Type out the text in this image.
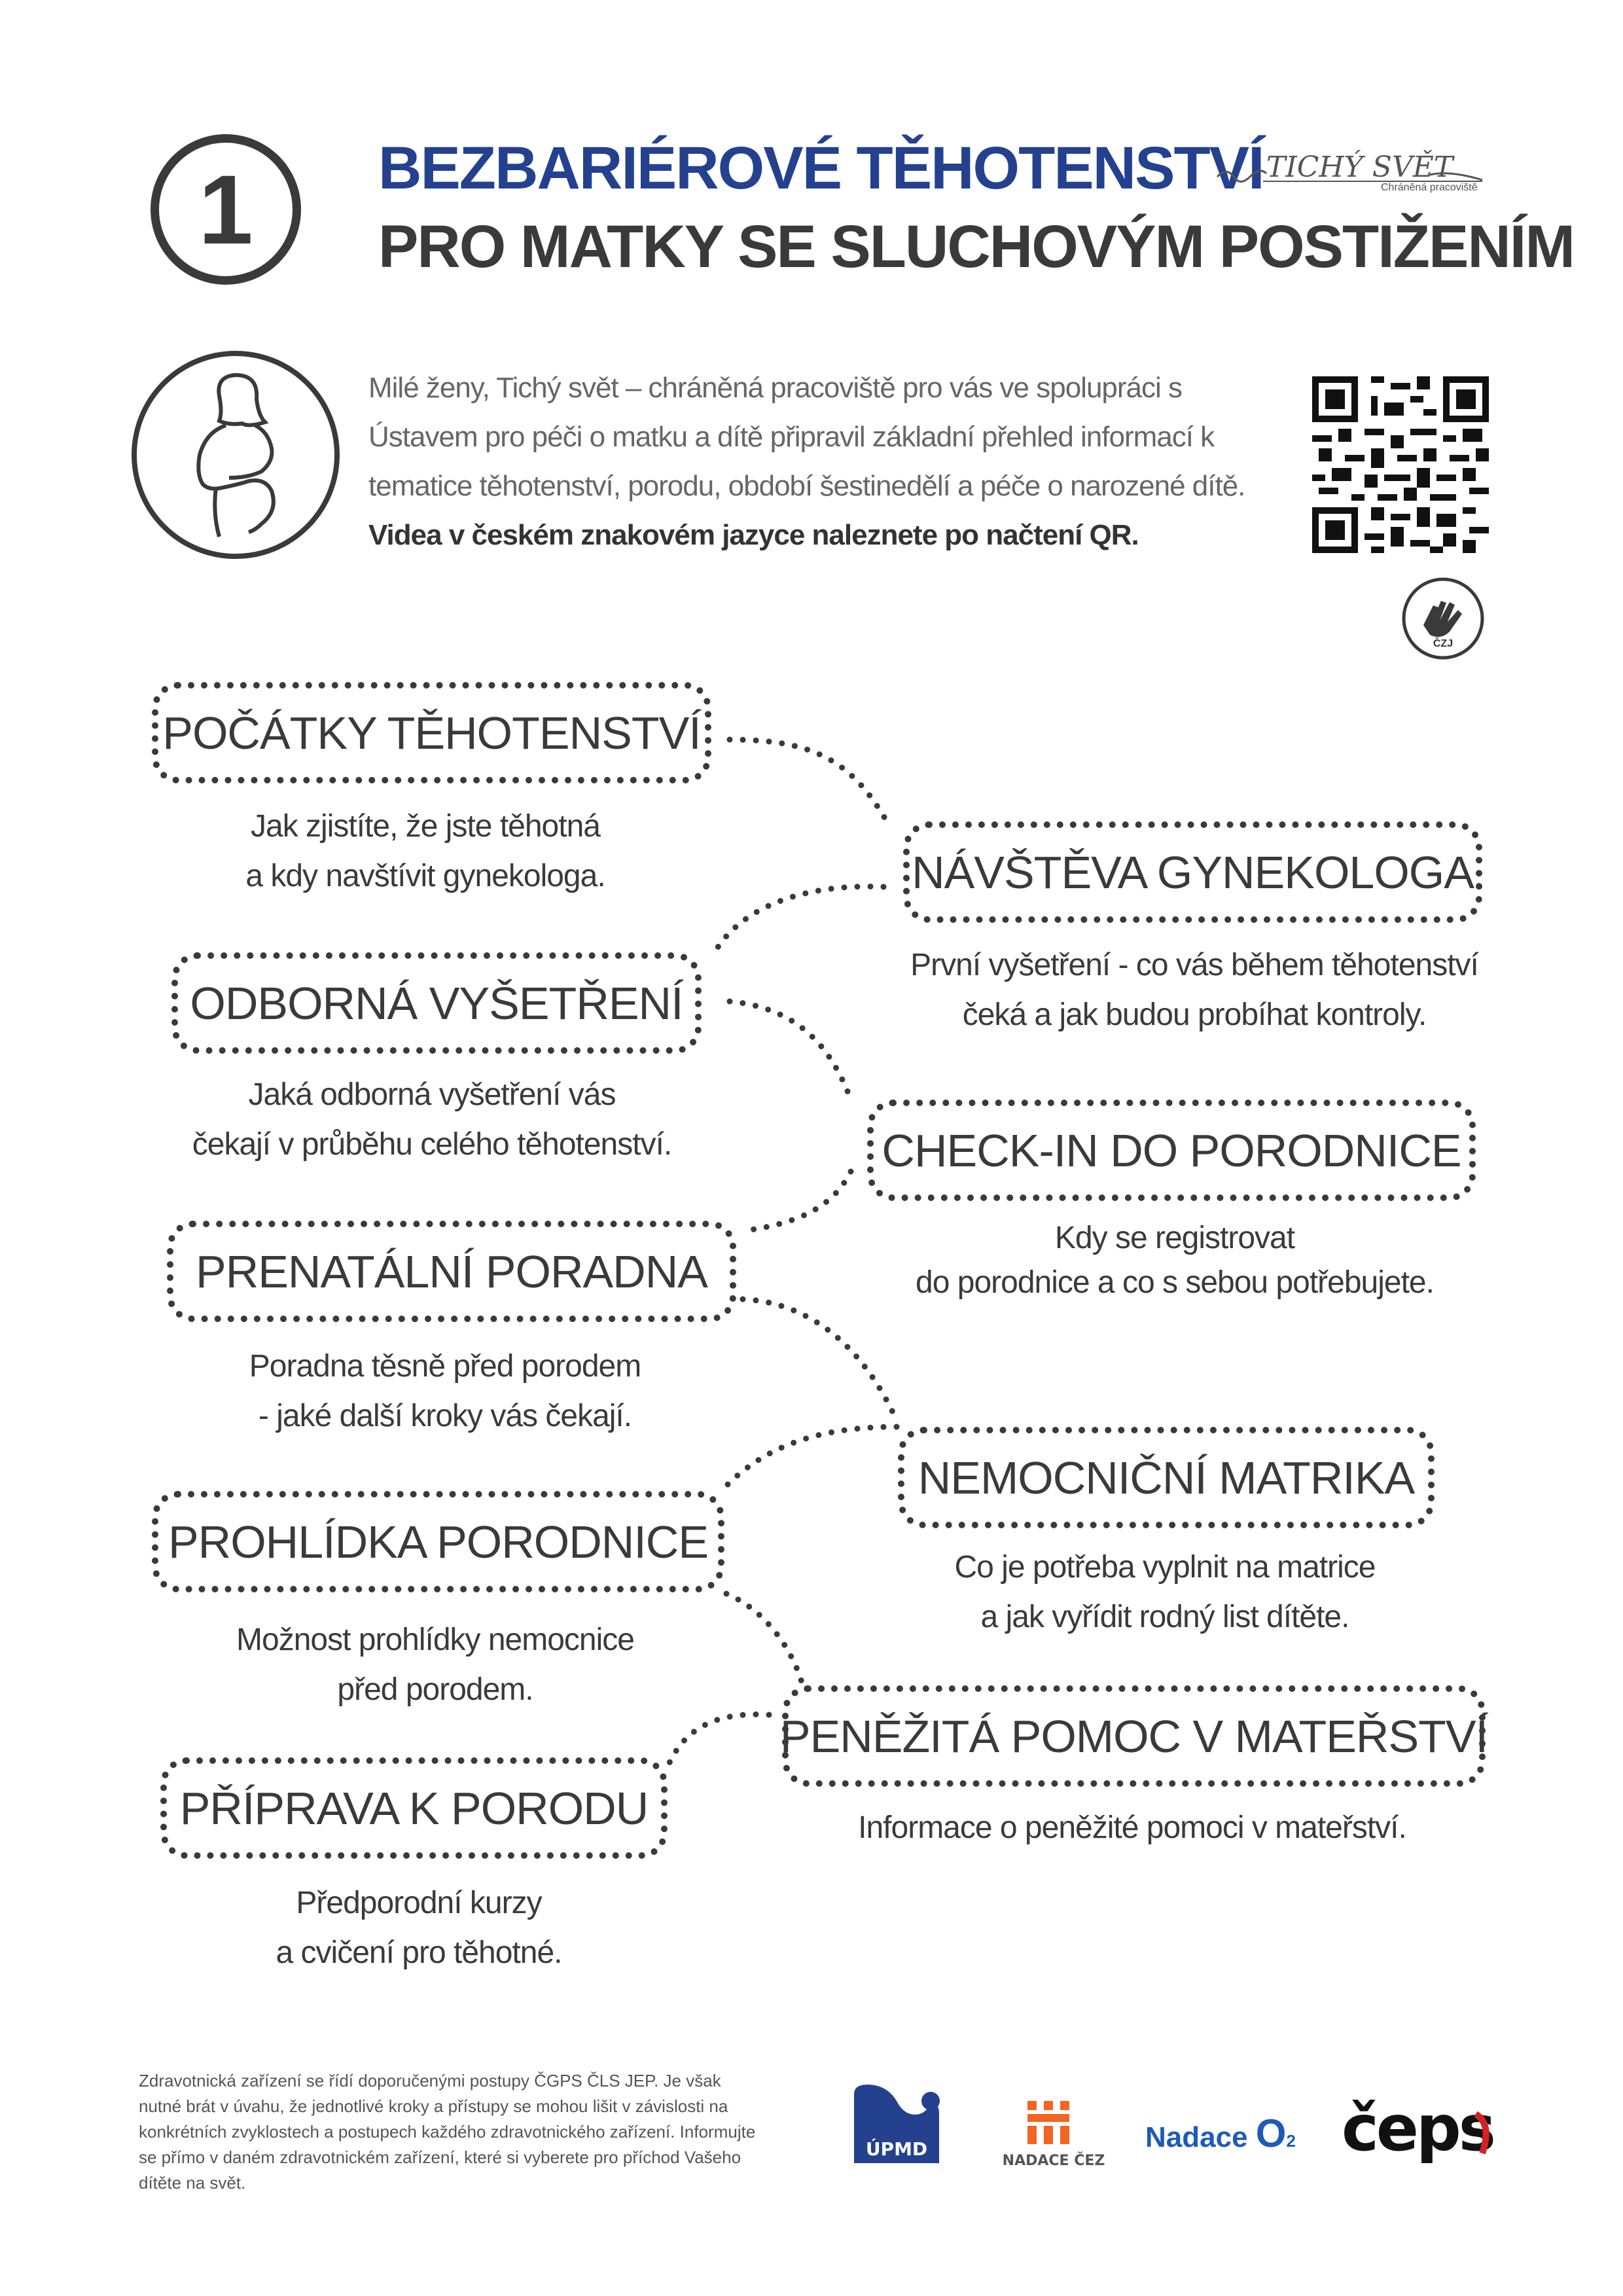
1 BEZBARIÉROVÉ TĚHOTENSTVÍ
PRO MATKY SE SLUCHOVÝM POSTIŽENÍM
TICHÝ SVĚT
Chráněná pracoviště
Milé ženy, Tichý svět – chráněná pracoviště pro vás ve spolupráci s Ústavem pro péči o matku a dítě připravil základní přehled informací k tematice těhotenství, porodu, období šestinedělí a péče o narozené dítě. Videa v českém znakovém jazyce naleznete po načtení QR.
ČZJ
POČÁTKY TĚHOTENSTVÍ
Jak zjistíte, že jste těhotná
a kdy navštívit gynekologa.	NÁVŠTĚVA GYNEKOLOGA
První vyšetření - co vás během těhotenství
čeká a jak budou probíhat kontroly.
ODBORNÁ VYŠETŘENÍ
Jaká odborná vyšetření vás
čekají v průběhu celého těhotenství.	CHECK-IN DO PORODNICE
Kdy se registrovat
do porodnice a co s sebou potřebujete.
PRENATÁLNÍ PORADNA
Poradna těsně před porodem
- jaké další kroky vás čekají.
NEMOCNIČNÍ MATRIKA
Co je potřeba vyplnit na matrice
a jak vyřídit rodný list dítěte.
PROHLÍDKA PORODNICE
Možnost prohlídky nemocnice
před porodem.
PENĚŽITÁ POMOC V MATEŘSTVÍ
Informace o peněžité pomoci v mateřství.
PŘÍPRAVA K PORODU
Předporodní kurzy
a cvičení pro těhotné.
Zdravotnická zařízení se řídí doporučenými postupy ČGPS ČLS JEP. Je však nutné brát v úvahu, že jednotlivé kroky a přístupy se mohou lišit v závislosti na konkrétních zvyklostech a postupech každého zdravotnického zařízení. Informujte se přímo v daném zdravotnickém zařízení, které si vyberete pro příchod Vašeho dítěte na svět.
ÚPMD
NADACE ČEZ
Nadace O2 čeps
